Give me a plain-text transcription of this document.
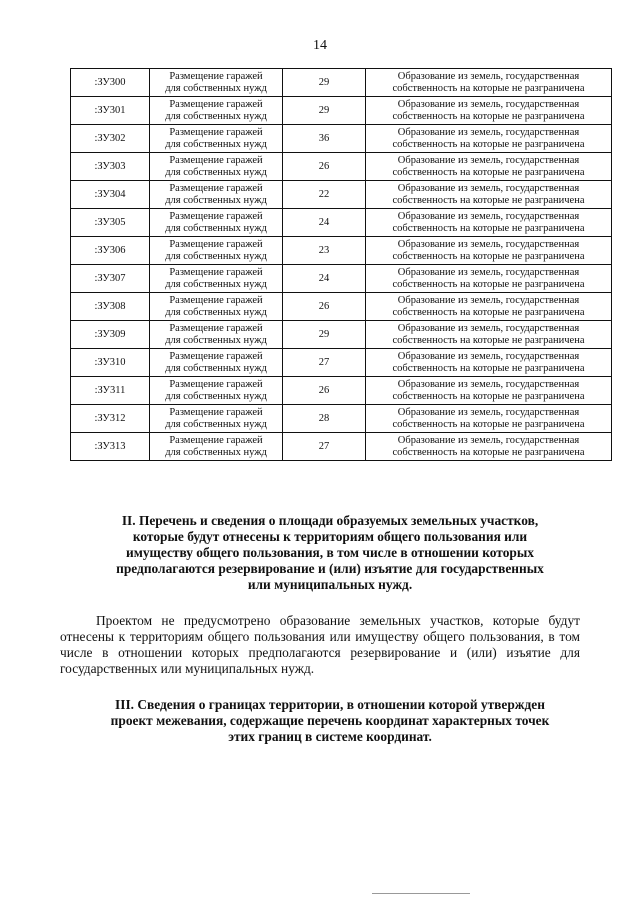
14
:ЗУ300	Размещение гаражей
для собственных нужд	29	Образование из земель, государственная
собственность на которые не разграничена

:ЗУ301	Размещение гаражей
для собственных нужд	29	Образование из земель, государственная
собственность на которые не разграничена

:ЗУ302	Размещение гаражей
для собственных нужд	36	Образование из земель, государственная
собственность на которые не разграничена

:ЗУ303	Размещение гаражей
для собственных нужд	26	Образование из земель, государственная
собственность на которые не разграничена

:ЗУ304	Размещение гаражей
для собственных нужд	22	Образование из земель, государственная
собственность на которые не разграничена

:ЗУ305	Размещение гаражей
для собственных нужд	24	Образование из земель, государственная
собственность на которые не разграничена

:ЗУ306	Размещение гаражей
для собственных нужд	23	Образование из земель, государственная
собственность на которые не разграничена

:ЗУ307	Размещение гаражей
для собственных нужд	24	Образование из земель, государственная
собственность на которые не разграничена

:ЗУ308	Размещение гаражей
для собственных нужд	26	Образование из земель, государственная
собственность на которые не разграничена

:ЗУ309	Размещение гаражей
для собственных нужд	29	Образование из земель, государственная
собственность на которые не разграничена

:ЗУ310	Размещение гаражей
для собственных нужд	27	Образование из земель, государственная
собственность на которые не разграничена

:ЗУ311	Размещение гаражей
для собственных нужд	26	Образование из земель, государственная
собственность на которые не разграничена

:ЗУ312	Размещение гаражей
для собственных нужд	28	Образование из земель, государственная
собственность на которые не разграничена

:ЗУ313	Размещение гаражей
для собственных нужд	27	Образование из земель, государственная
собственность на которые не разграничена
II. Перечень и сведения о площади образуемых земельных участков,
которые будут отнесены к территориям общего пользования или
имуществу общего пользования, в том числе в отношении которых
предполагаются резервирование и (или) изъятие для государственных
или муниципальных нужд.
Проектом не предусмотрено образование земельных участков, которые будут отнесены к территориям общего пользования или имуществу общего пользования, в том числе в отношении которых предполагаются резервирование и (или) изъятие для государственных или муниципальных нужд.
III. Сведения о границах территории, в отношении которой утвержден
проект межевания, содержащие перечень координат характерных точек
этих границ в системе координат.
